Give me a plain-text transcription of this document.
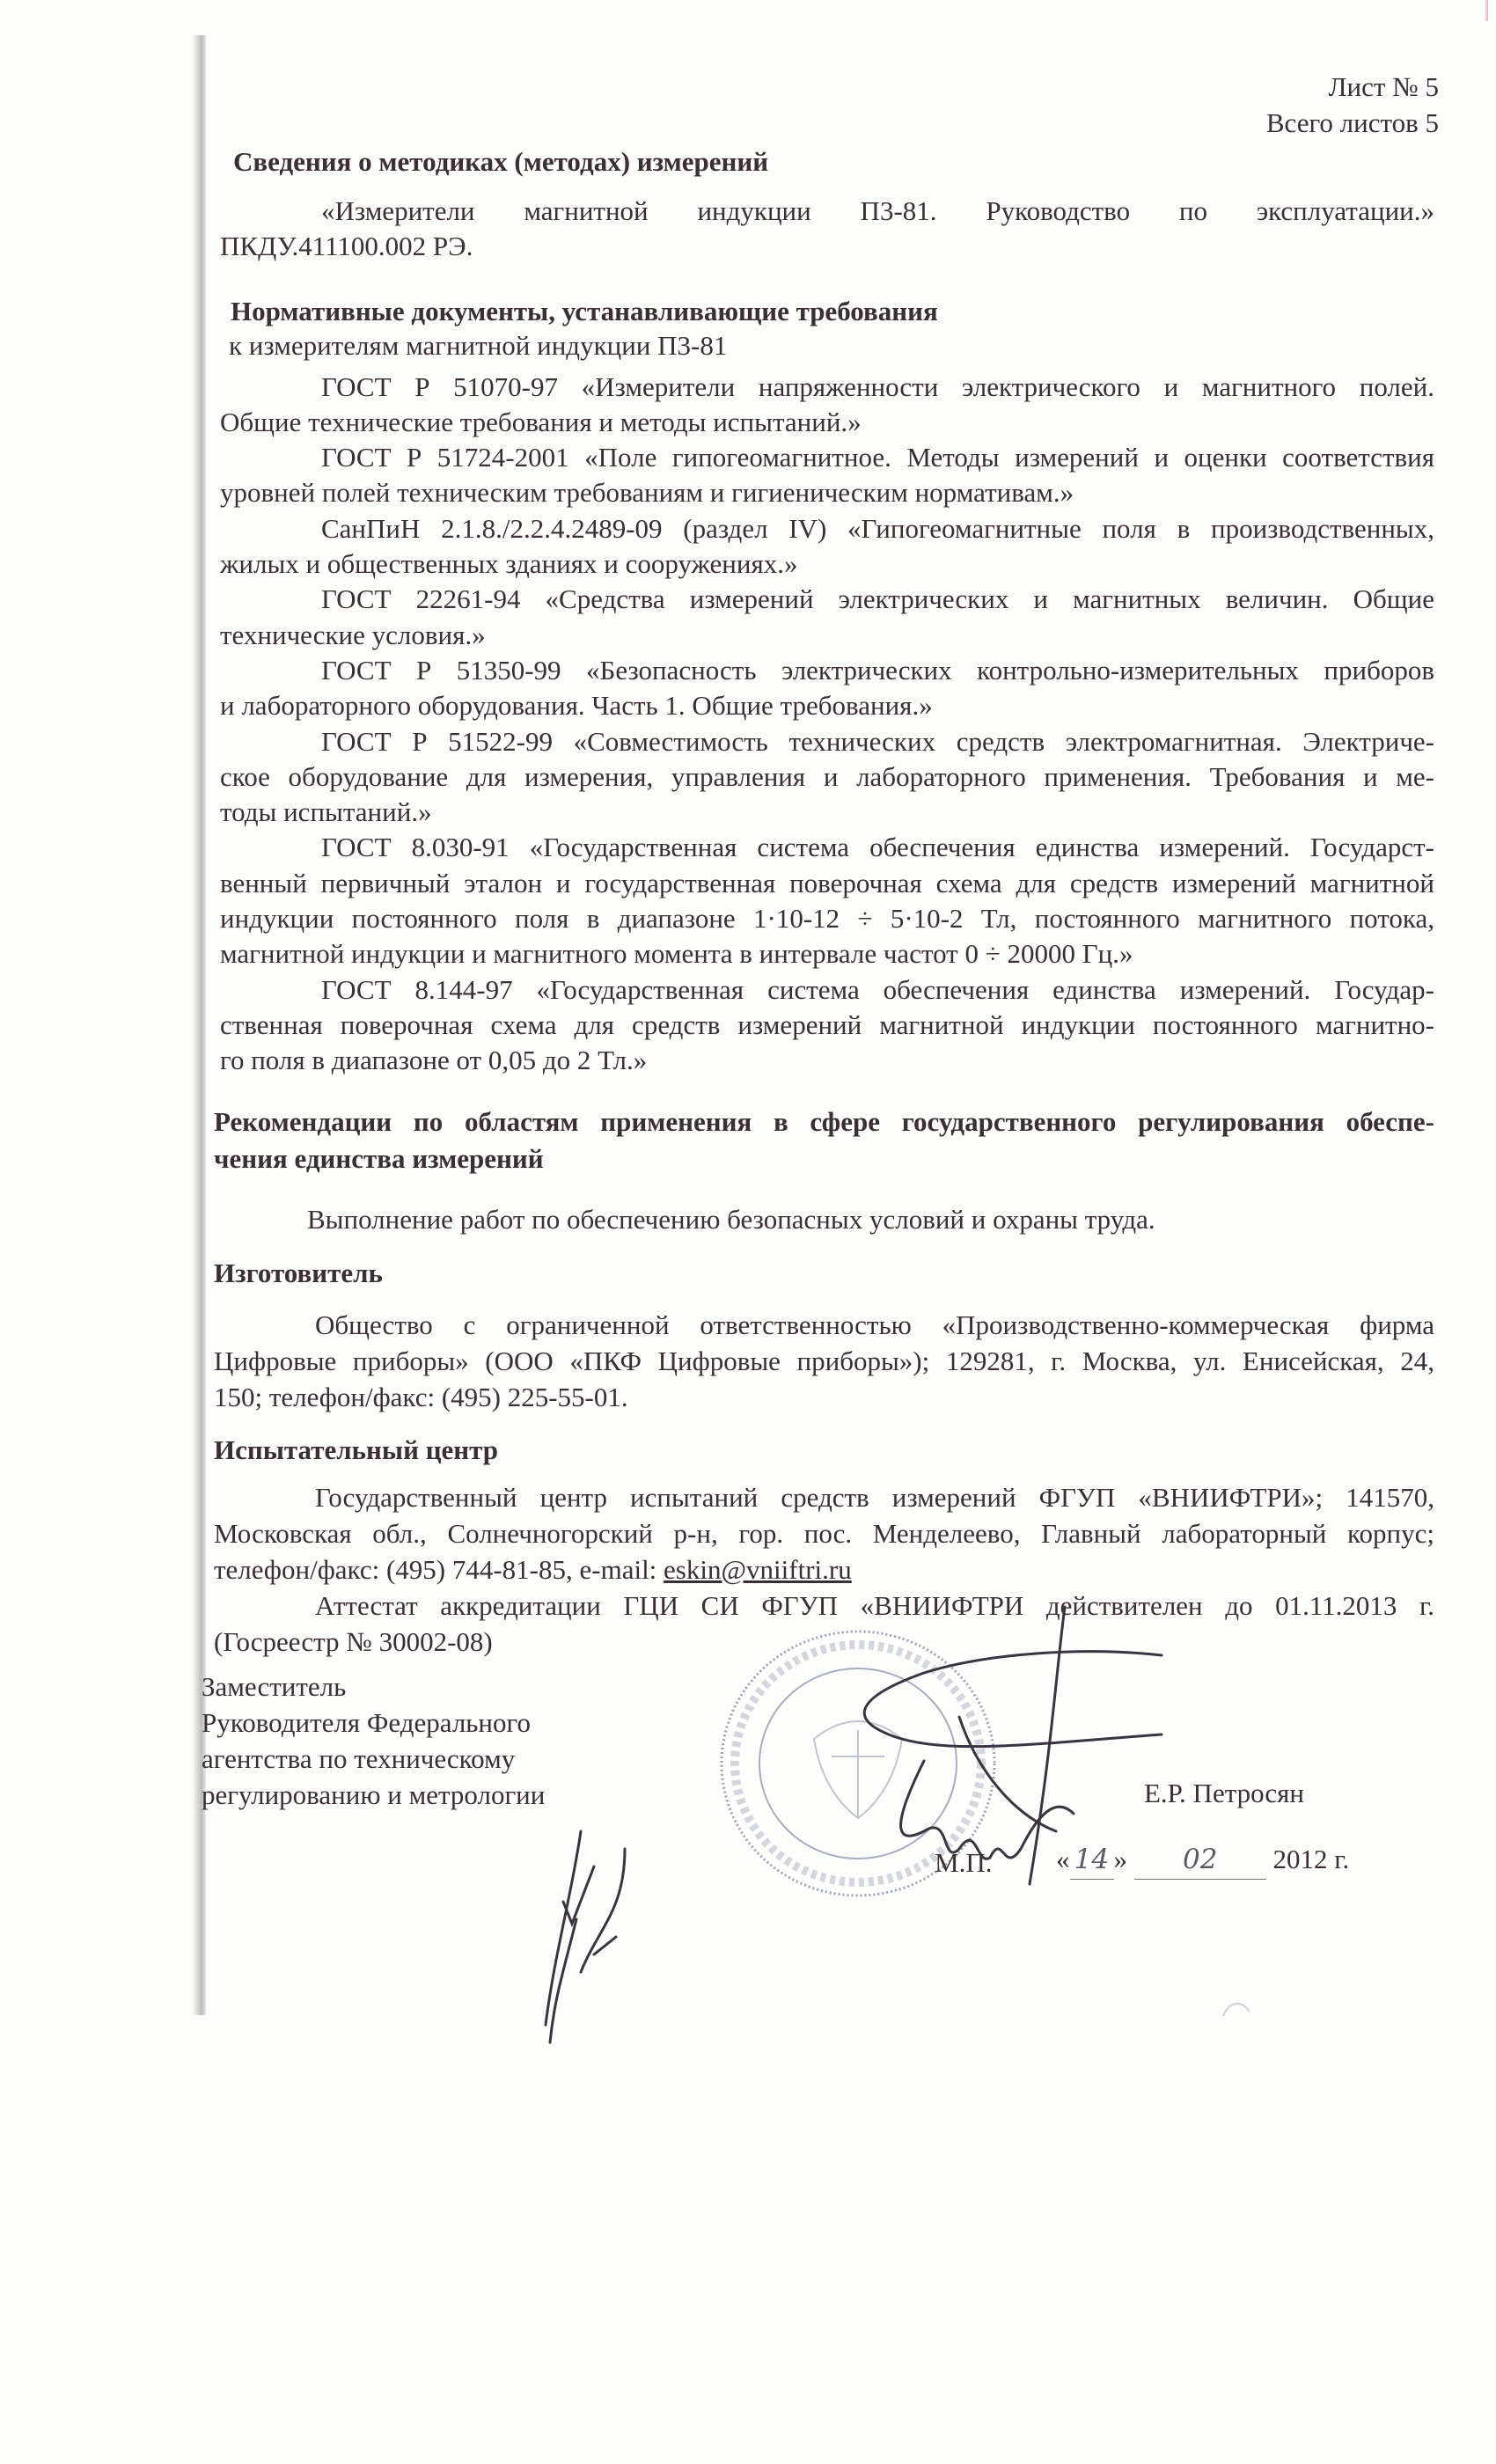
Лист № 5
Всего листов 5
Сведения о методиках (методах) измерений
«Измерители магнитной индукции П3-81. Руководство по эксплуатации.»
ПКДУ.411100.002 РЭ.
Нормативные документы, устанавливающие требования
к измерителям магнитной индукции П3-81
ГОСТ Р 51070-97 «Измерители напряженности электрического и магнитного полей.
Общие технические требования и методы испытаний.»
ГОСТ Р 51724-2001 «Поле гипогеомагнитное. Методы измерений и оценки соответствия
уровней полей техническим требованиям и гигиеническим нормативам.»
СанПиН 2.1.8./2.2.4.2489-09 (раздел IV) «Гипогеомагнитные поля в производственных,
жилых и общественных зданиях и сооружениях.»
ГОСТ 22261-94 «Средства измерений электрических и магнитных величин. Общие
технические условия.»
ГОСТ Р 51350-99 «Безопасность электрических контрольно-измерительных приборов
и лабораторного оборудования. Часть 1. Общие требования.»
ГОСТ Р 51522-99 «Совместимость технических средств электромагнитная. Электриче-
ское оборудование для измерения, управления и лабораторного применения. Требования и ме-
тоды испытаний.»
ГОСТ 8.030-91 «Государственная система обеспечения единства измерений. Государст-
венный первичный эталон и государственная поверочная схема для средств измерений магнитной
индукции постоянного поля в диапазоне 1·10-12 ÷ 5·10-2 Тл, постоянного магнитного потока,
магнитной индукции и магнитного момента в интервале частот 0 ÷ 20000 Гц.»
ГОСТ 8.144-97 «Государственная система обеспечения единства измерений. Государ-
ственная поверочная схема для средств измерений магнитной индукции постоянного магнитно-
го поля в диапазоне от 0,05 до 2 Тл.»
Рекомендации по областям применения в сфере государственного регулирования обеспе-
чения единства измерений
Выполнение работ по обеспечению безопасных условий и охраны труда.
Изготовитель
Общество с ограниченной ответственностью «Производственно-коммерческая фирма
Цифровые приборы» (ООО «ПКФ Цифровые приборы»); 129281, г. Москва, ул. Енисейская, 24,
150; телефон/факс: (495) 225-55-01.
Испытательный центр
Государственный центр испытаний средств измерений ФГУП «ВНИИФТРИ»; 141570,
Московская обл., Солнечногорский р-н, гор. пос. Менделеево, Главный лабораторный корпус;
телефон/факс: (495) 744-81-85, e-mail: eskin@vniiftri.ru
Аттестат аккредитации ГЦИ СИ ФГУП «ВНИИФТРИ действителен до 01.11.2013 г.
(Госреестр № 30002-08)
Заместитель
Руководителя Федерального
агентства по техническому
регулированию и метрологии	Е.Р. Петросян
М.П. « 14 » 02 2012 г.
